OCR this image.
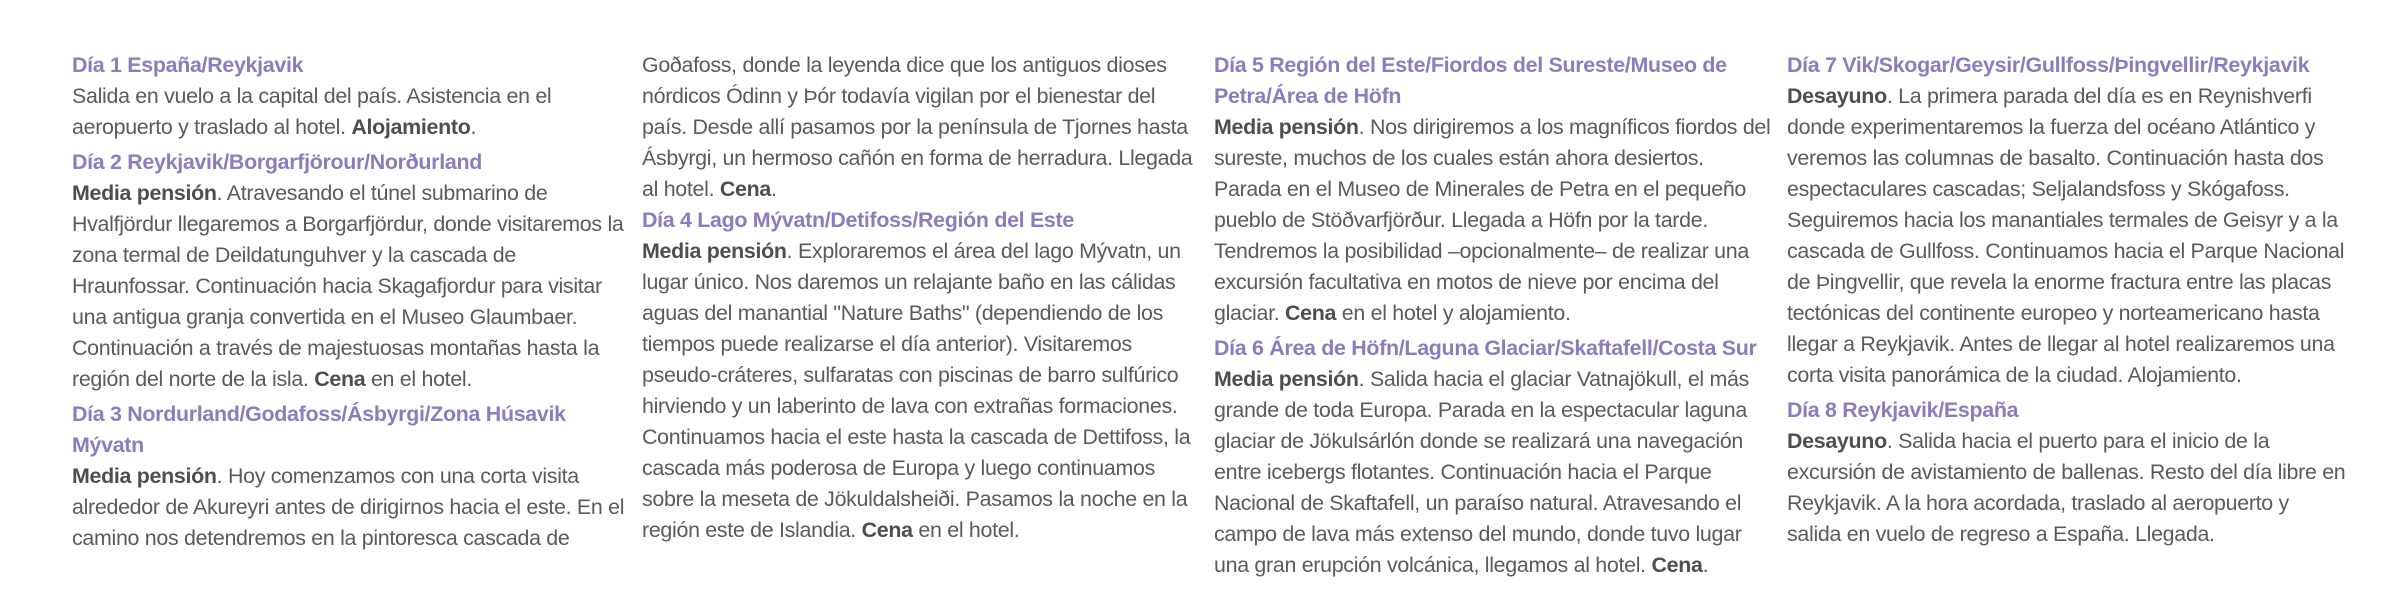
Día 1 España/Reykjavik
Salida en vuelo a la capital del país. Asistencia en el aeropuerto y traslado al hotel. Alojamiento.
Día 2 Reykjavik/Borgarfjörour/Norðurland
Media pensión. Atravesando el túnel submarino de Hvalfjördur llegaremos a Borgarfjördur, donde visitaremos la zona termal de Deildatunguhver y la cascada de Hraunfossar. Continuación hacia Skagafjordur para visitar una antigua granja convertida en el Museo Glaumbaer. Continuación a través de majestuosas montañas hasta la región del norte de la isla. Cena en el hotel.
Día 3 Nordurland/Godafoss/Ásbyrgi/Zona Húsavik Mývatn
Media pensión. Hoy comenzamos con una corta visita alrededor de Akureyri antes de dirigirnos hacia el este. En el camino nos detendremos en la pintoresca cascada de
Goðafoss, donde la leyenda dice que los antiguos dioses nórdicos Ódinn y Þór todavía vigilan por el bienestar del país. Desde allí pasamos por la península de Tjornes hasta Ásbyrgi, un hermoso cañón en forma de herradura. Llegada al hotel. Cena.
Día 4 Lago Mývatn/Detifoss/Región del Este
Media pensión. Exploraremos el área del lago Mývatn, un lugar único. Nos daremos un relajante baño en las cálidas aguas del manantial "Nature Baths" (dependiendo de los tiempos puede realizarse el día anterior). Visitaremos pseudo-cráteres, sulfaratas con piscinas de barro sulfúrico hirviendo y un laberinto de lava con extrañas formaciones. Continuamos hacia el este hasta la cascada de Dettifoss, la cascada más poderosa de Europa y luego continuamos sobre la meseta de Jökuldalsheiði. Pasamos la noche en la región este de Islandia. Cena en el hotel.
Día 5 Región del Este/Fiordos del Sureste/Museo de Petra/Área de Höfn
Media pensión. Nos dirigiremos a los magníficos fiordos del sureste, muchos de los cuales están ahora desiertos. Parada en el Museo de Minerales de Petra en el pequeño pueblo de Stöðvarfjörður. Llegada a Höfn por la tarde. Tendremos la posibilidad –opcionalmente– de realizar una excursión facultativa en motos de nieve por encima del glaciar. Cena en el hotel y alojamiento.
Día 6 Área de Höfn/Laguna Glaciar/Skaftafell/Costa Sur
Media pensión. Salida hacia el glaciar Vatnajökull, el más grande de toda Europa. Parada en la espectacular laguna glaciar de Jökulsárlón donde se realizará una navegación entre icebergs flotantes. Continuación hacia el Parque Nacional de Skaftafell, un paraíso natural. Atravesando el campo de lava más extenso del mundo, donde tuvo lugar una gran erupción volcánica, llegamos al hotel. Cena.
Día 7 Vik/Skogar/Geysir/Gullfoss/Þingvellir/Reykjavik
Desayuno. La primera parada del día es en Reynishverfi donde experimentaremos la fuerza del océano Atlántico y veremos las columnas de basalto. Continuación hasta dos espectaculares cascadas; Seljalandsfoss y Skógafoss. Seguiremos hacia los manantiales termales de Geisyr y a la cascada de Gullfoss. Continuamos hacia el Parque Nacional de Þingvellir, que revela la enorme fractura entre las placas tectónicas del continente europeo y norteamericano hasta llegar a Reykjavik. Antes de llegar al hotel realizaremos una corta visita panorámica de la ciudad. Alojamiento.
Día 8 Reykjavik/España
Desayuno. Salida hacia el puerto para el inicio de la excursión de avistamiento de ballenas. Resto del día libre en Reykjavik. A la hora acordada, traslado al aeropuerto y salida en vuelo de regreso a España. Llegada.
